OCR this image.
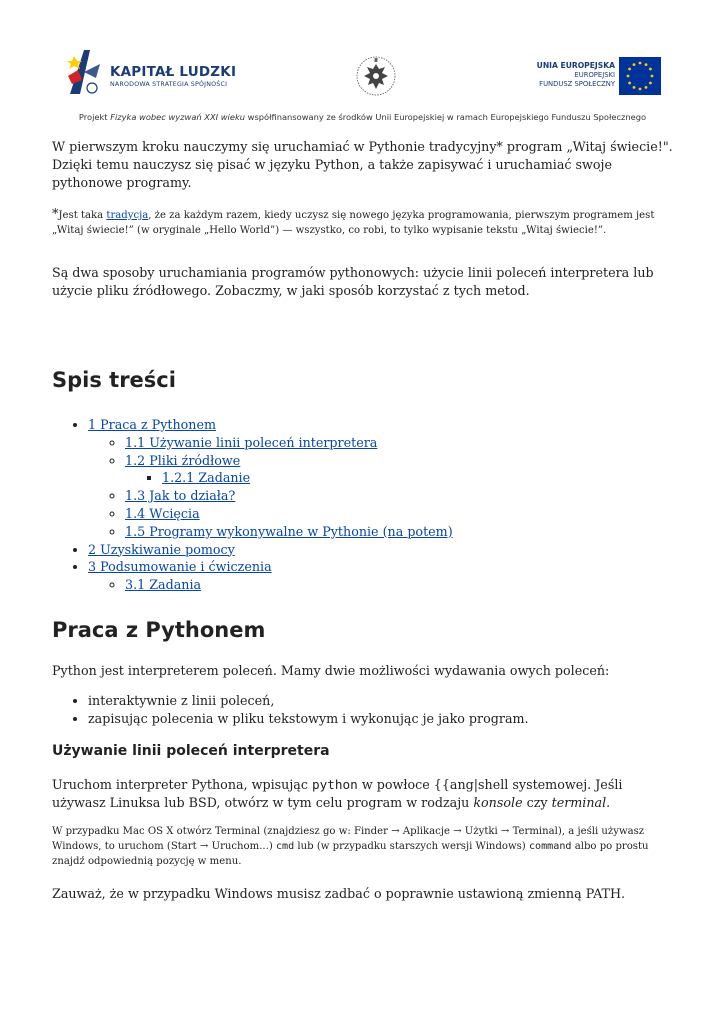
KAPITAŁ LUDZKI
NARODOWA STRATEGIA SPÓJNOŚCI
UNIA EUROPEJSKA
EUROPEJSKI
FUNDUSZ SPOŁECZNY
Projekt Fizyka wobec wyzwań XXI wieku współfinansowany ze środków Unii Europejskiej w ramach Europejskiego Funduszu Społecznego

W pierwszym kroku nauczymy się uruchamiać w Pythonie tradycyjny* program „Witaj świecie!". Dzięki temu nauczysz się pisać w języku Python, a także zapisywać i uruchamiać swoje pythonowe programy.

*Jest taka tradycja, że za każdym razem, kiedy uczysz się nowego języka programowania, pierwszym programem jest „Witaj świecie!” (w oryginale „Hello World”) — wszystko, co robi, to tylko wypisanie tekstu „Witaj świecie!”.

Są dwa sposoby uruchamiania programów pythonowych: użycie linii poleceń interpretera lub użycie pliku źródłowego. Zobaczmy, w jaki sposób korzystać z tych metod.

Spis treści
• 1 Praca z Pythonem
◦ 1.1 Używanie linii poleceń interpretera
◦ 1.2 Pliki źródłowe
▪ 1.2.1 Zadanie
◦ 1.3 Jak to działa?
◦ 1.4 Wcięcia
◦ 1.5 Programy wykonywalne w Pythonie (na potem)
• 2 Uzyskiwanie pomocy
• 3 Podsumowanie i ćwiczenia
◦ 3.1 Zadania
Praca z Pythonem

Python jest interpreterem poleceń. Mamy dwie możliwości wydawania owych poleceń:

• interaktywnie z linii poleceń,
• zapisując polecenia w pliku tekstowym i wykonując je jako program.
Używanie linii poleceń interpretera

Uruchom interpreter Pythona, wpisując python w powłoce {{ang|shell systemowej. Jeśli używasz Linuksa lub BSD, otwórz w tym celu program w rodzaju konsole czy terminal.

W przypadku Mac OS X otwórz Terminal (znajdziesz go w: Finder → Aplikacje → Użytki → Terminal), a jeśli używasz Windows, to uruchom (Start → Uruchom...) cmd lub (w przypadku starszych wersji Windows) command albo po prostu znajdź odpowiednią pozycję w menu.

Zauważ, że w przypadku Windows musisz zadbać o poprawnie ustawioną zmienną PATH.
